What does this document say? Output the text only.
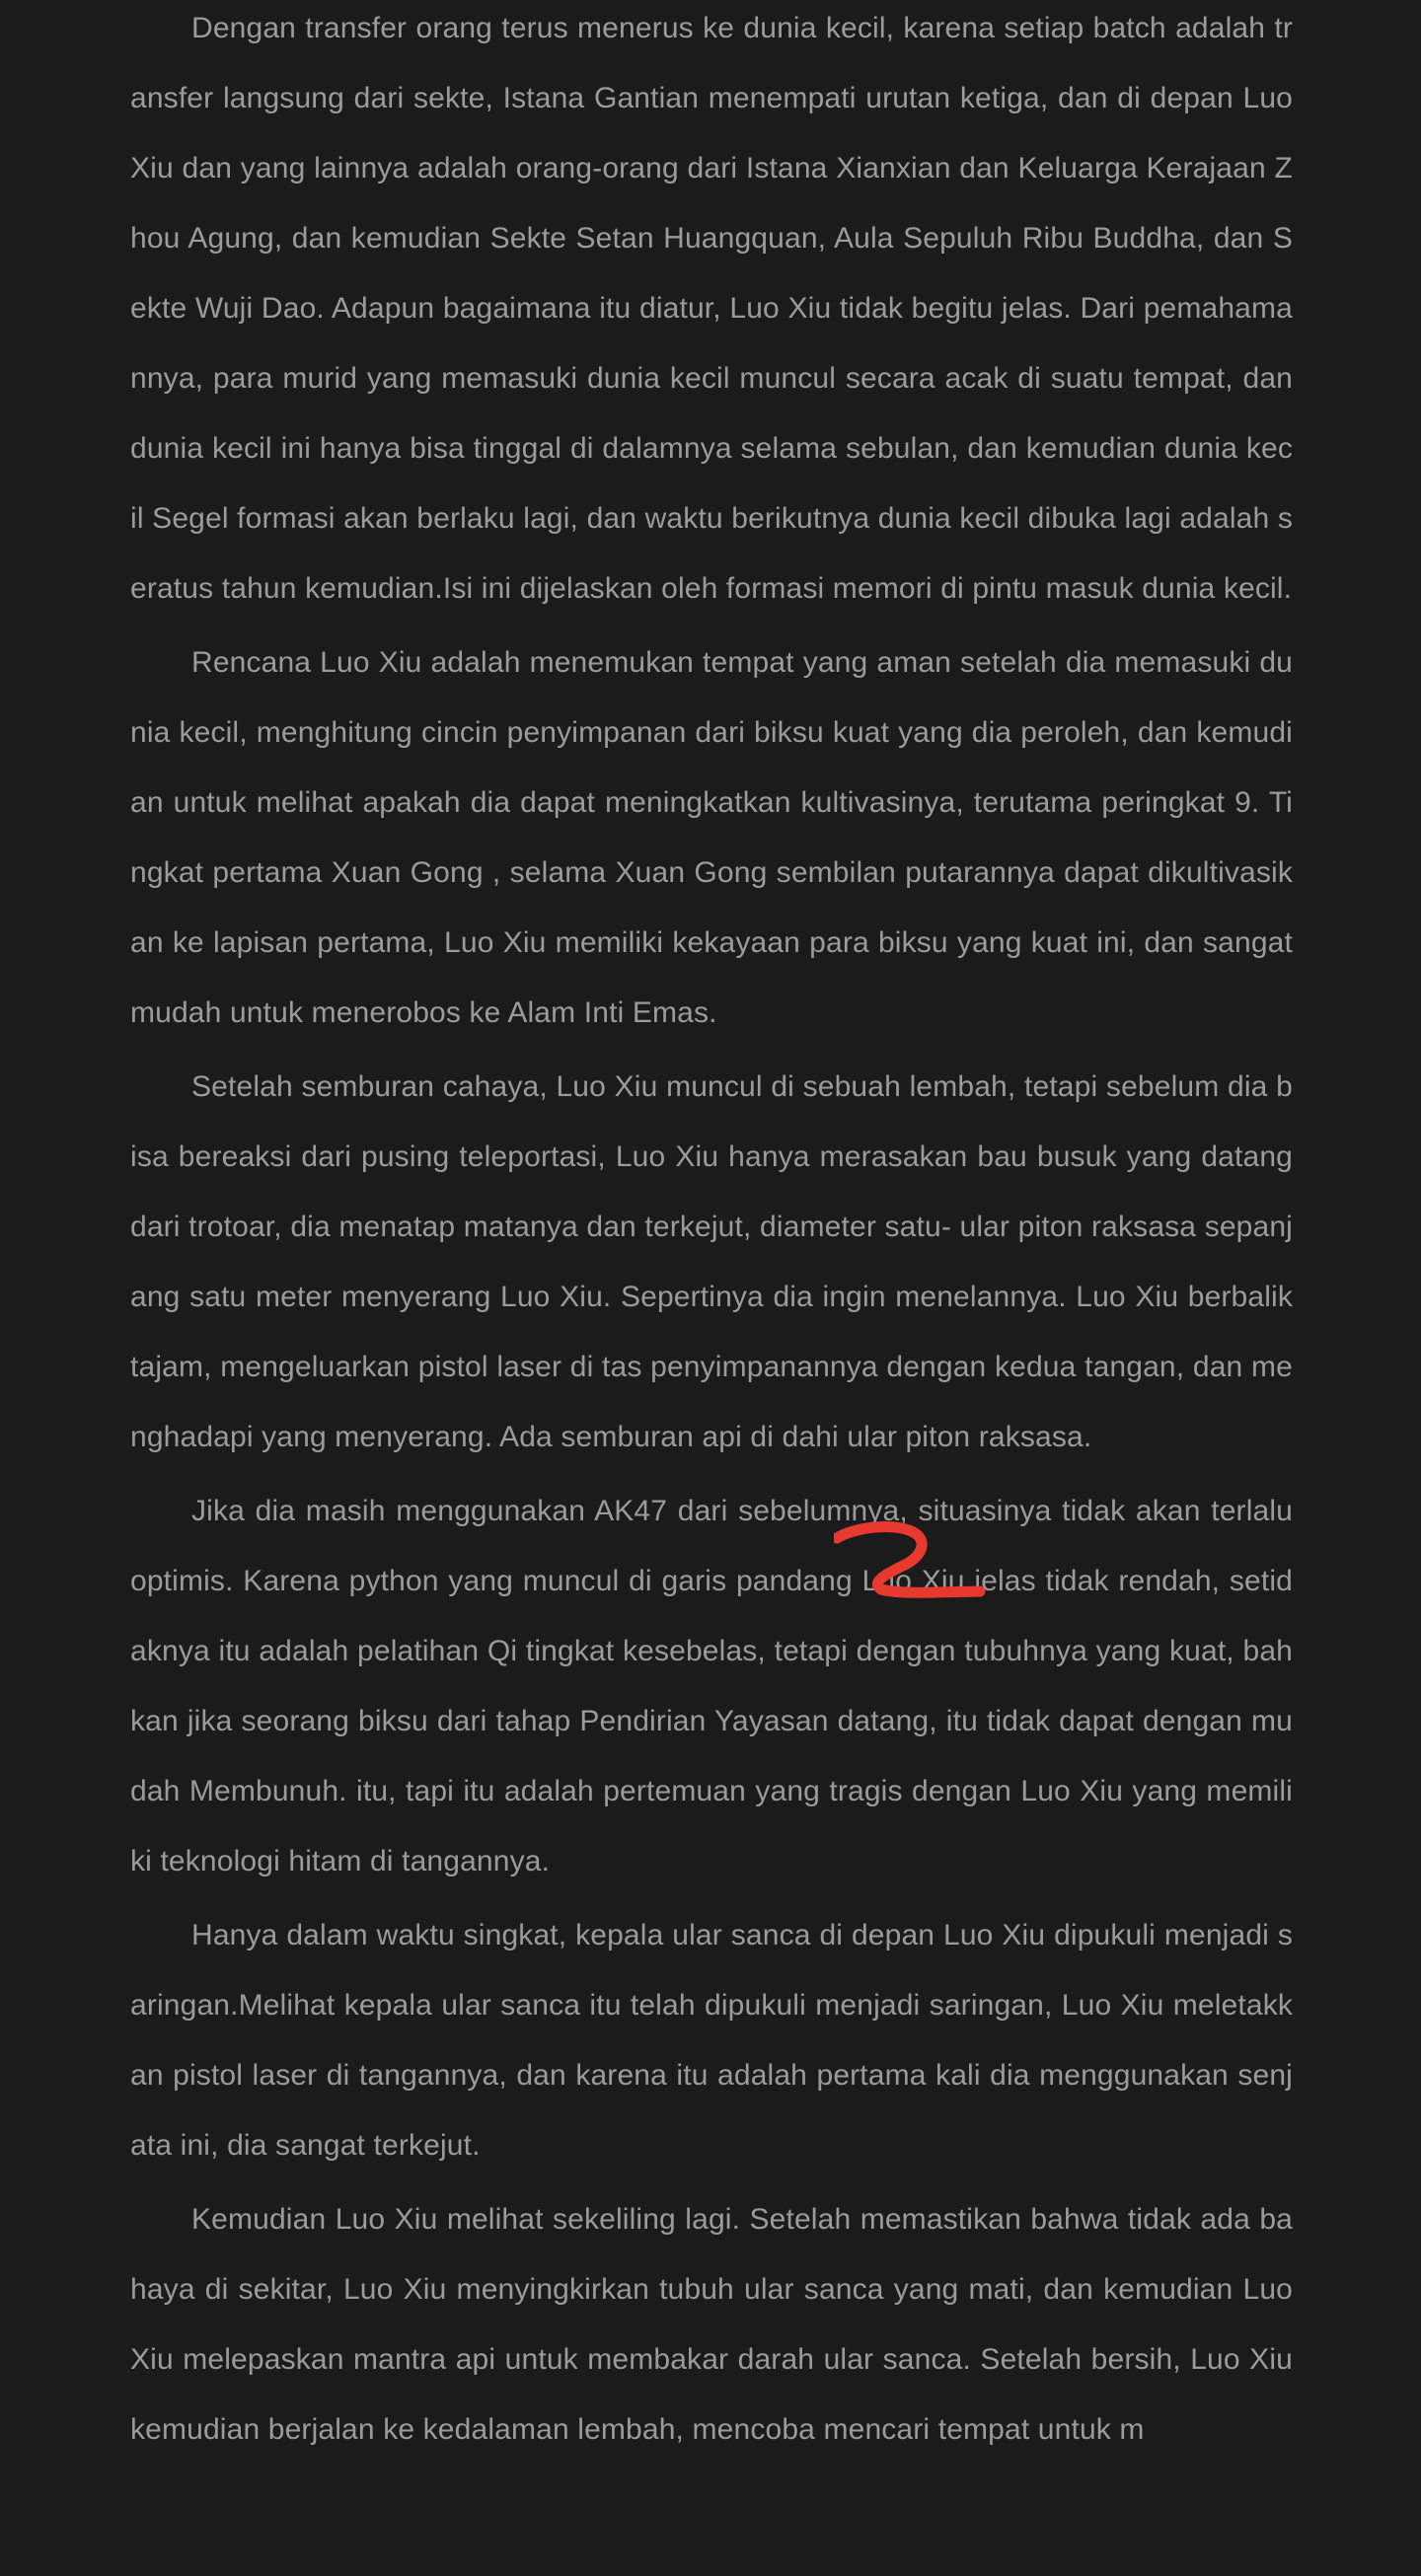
Dengan transfer orang terus menerus ke dunia kecil, karena setiap batch adalah transfer langsung dari sekte, Istana Gantian menempati urutan ketiga, dan di depan Luo Xiu dan yang lainnya adalah orang-orang dari Istana Xianxian dan Keluarga Kerajaan Zhou Agung, dan kemudian Sekte Setan Huangquan, Aula Sepuluh Ribu Buddha, dan Sekte Wuji Dao. Adapun bagaimana itu diatur, Luo Xiu tidak begitu jelas. Dari pemahamannya, para murid yang memasuki dunia kecil muncul secara acak di suatu tempat, dan dunia kecil ini hanya bisa tinggal di dalamnya selama sebulan, dan kemudian dunia kecil Segel formasi akan berlaku lagi, dan waktu berikutnya dunia kecil dibuka lagi adalah seratus tahun kemudian.Isi ini dijelaskan oleh formasi memori di pintu masuk dunia kecil.

Rencana Luo Xiu adalah menemukan tempat yang aman setelah dia memasuki dunia kecil, menghitung cincin penyimpanan dari biksu kuat yang dia peroleh, dan kemudian untuk melihat apakah dia dapat meningkatkan kultivasinya, terutama peringkat 9. Tingkat pertama Xuan Gong , selama Xuan Gong sembilan putarannya dapat dikultivasikan ke lapisan pertama, Luo Xiu memiliki kekayaan para biksu yang kuat ini, dan sangat mudah untuk menerobos ke Alam Inti Emas.

Setelah semburan cahaya, Luo Xiu muncul di sebuah lembah, tetapi sebelum dia bisa bereaksi dari pusing teleportasi, Luo Xiu hanya merasakan bau busuk yang datang dari trotoar, dia menatap matanya dan terkejut, diameter satu- ular piton raksasa sepanjang satu meter menyerang Luo Xiu. Sepertinya dia ingin menelannya. Luo Xiu berbalik tajam, mengeluarkan pistol laser di tas penyimpanannya dengan kedua tangan, dan menghadapi yang menyerang. Ada semburan api di dahi ular piton raksasa.

Jika dia masih menggunakan AK47 dari sebelumnya, situasinya tidak akan terlalu optimis. Karena python yang muncul di garis pandang Luo Xiu jelas tidak rendah, setidaknya itu adalah pelatihan Qi tingkat kesebelas, tetapi dengan tubuhnya yang kuat, bahkan jika seorang biksu dari tahap Pendirian Yayasan datang, itu tidak dapat dengan mudah Membunuh. itu, tapi itu adalah pertemuan yang tragis dengan Luo Xiu yang memiliki teknologi hitam di tangannya.

Hanya dalam waktu singkat, kepala ular sanca di depan Luo Xiu dipukuli menjadi saringan.Melihat kepala ular sanca itu telah dipukuli menjadi saringan, Luo Xiu meletakkan pistol laser di tangannya, dan karena itu adalah pertama kali dia menggunakan senjata ini, dia sangat terkejut.

Kemudian Luo Xiu melihat sekeliling lagi. Setelah memastikan bahwa tidak ada bahaya di sekitar, Luo Xiu menyingkirkan tubuh ular sanca yang mati, dan kemudian Luo Xiu melepaskan mantra api untuk membakar darah ular sanca. Setelah bersih, Luo Xiu kemudian berjalan ke kedalaman lembah, mencoba mencari tempat untuk m
